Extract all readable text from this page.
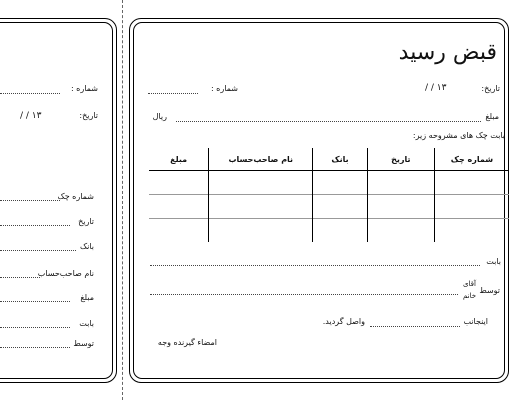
شماره :
تاریخ:
/ / ۱۳
شماره چک
تاریخ
بانک
نام صاحب‌حساب
مبلغ
بابت
توسط
قبض رسید
شماره :	تاریخ:
/ / ۱۳
مبلغ
ریال
بابت چک های مشروحه زیر:
مبلغ	نام صاحب‌حساب	بانک	تاریخ	شماره چک

بابت
آقای
خانم
توسط
اینجانب
واصل گردید.
امضاء گیرنده وجه
